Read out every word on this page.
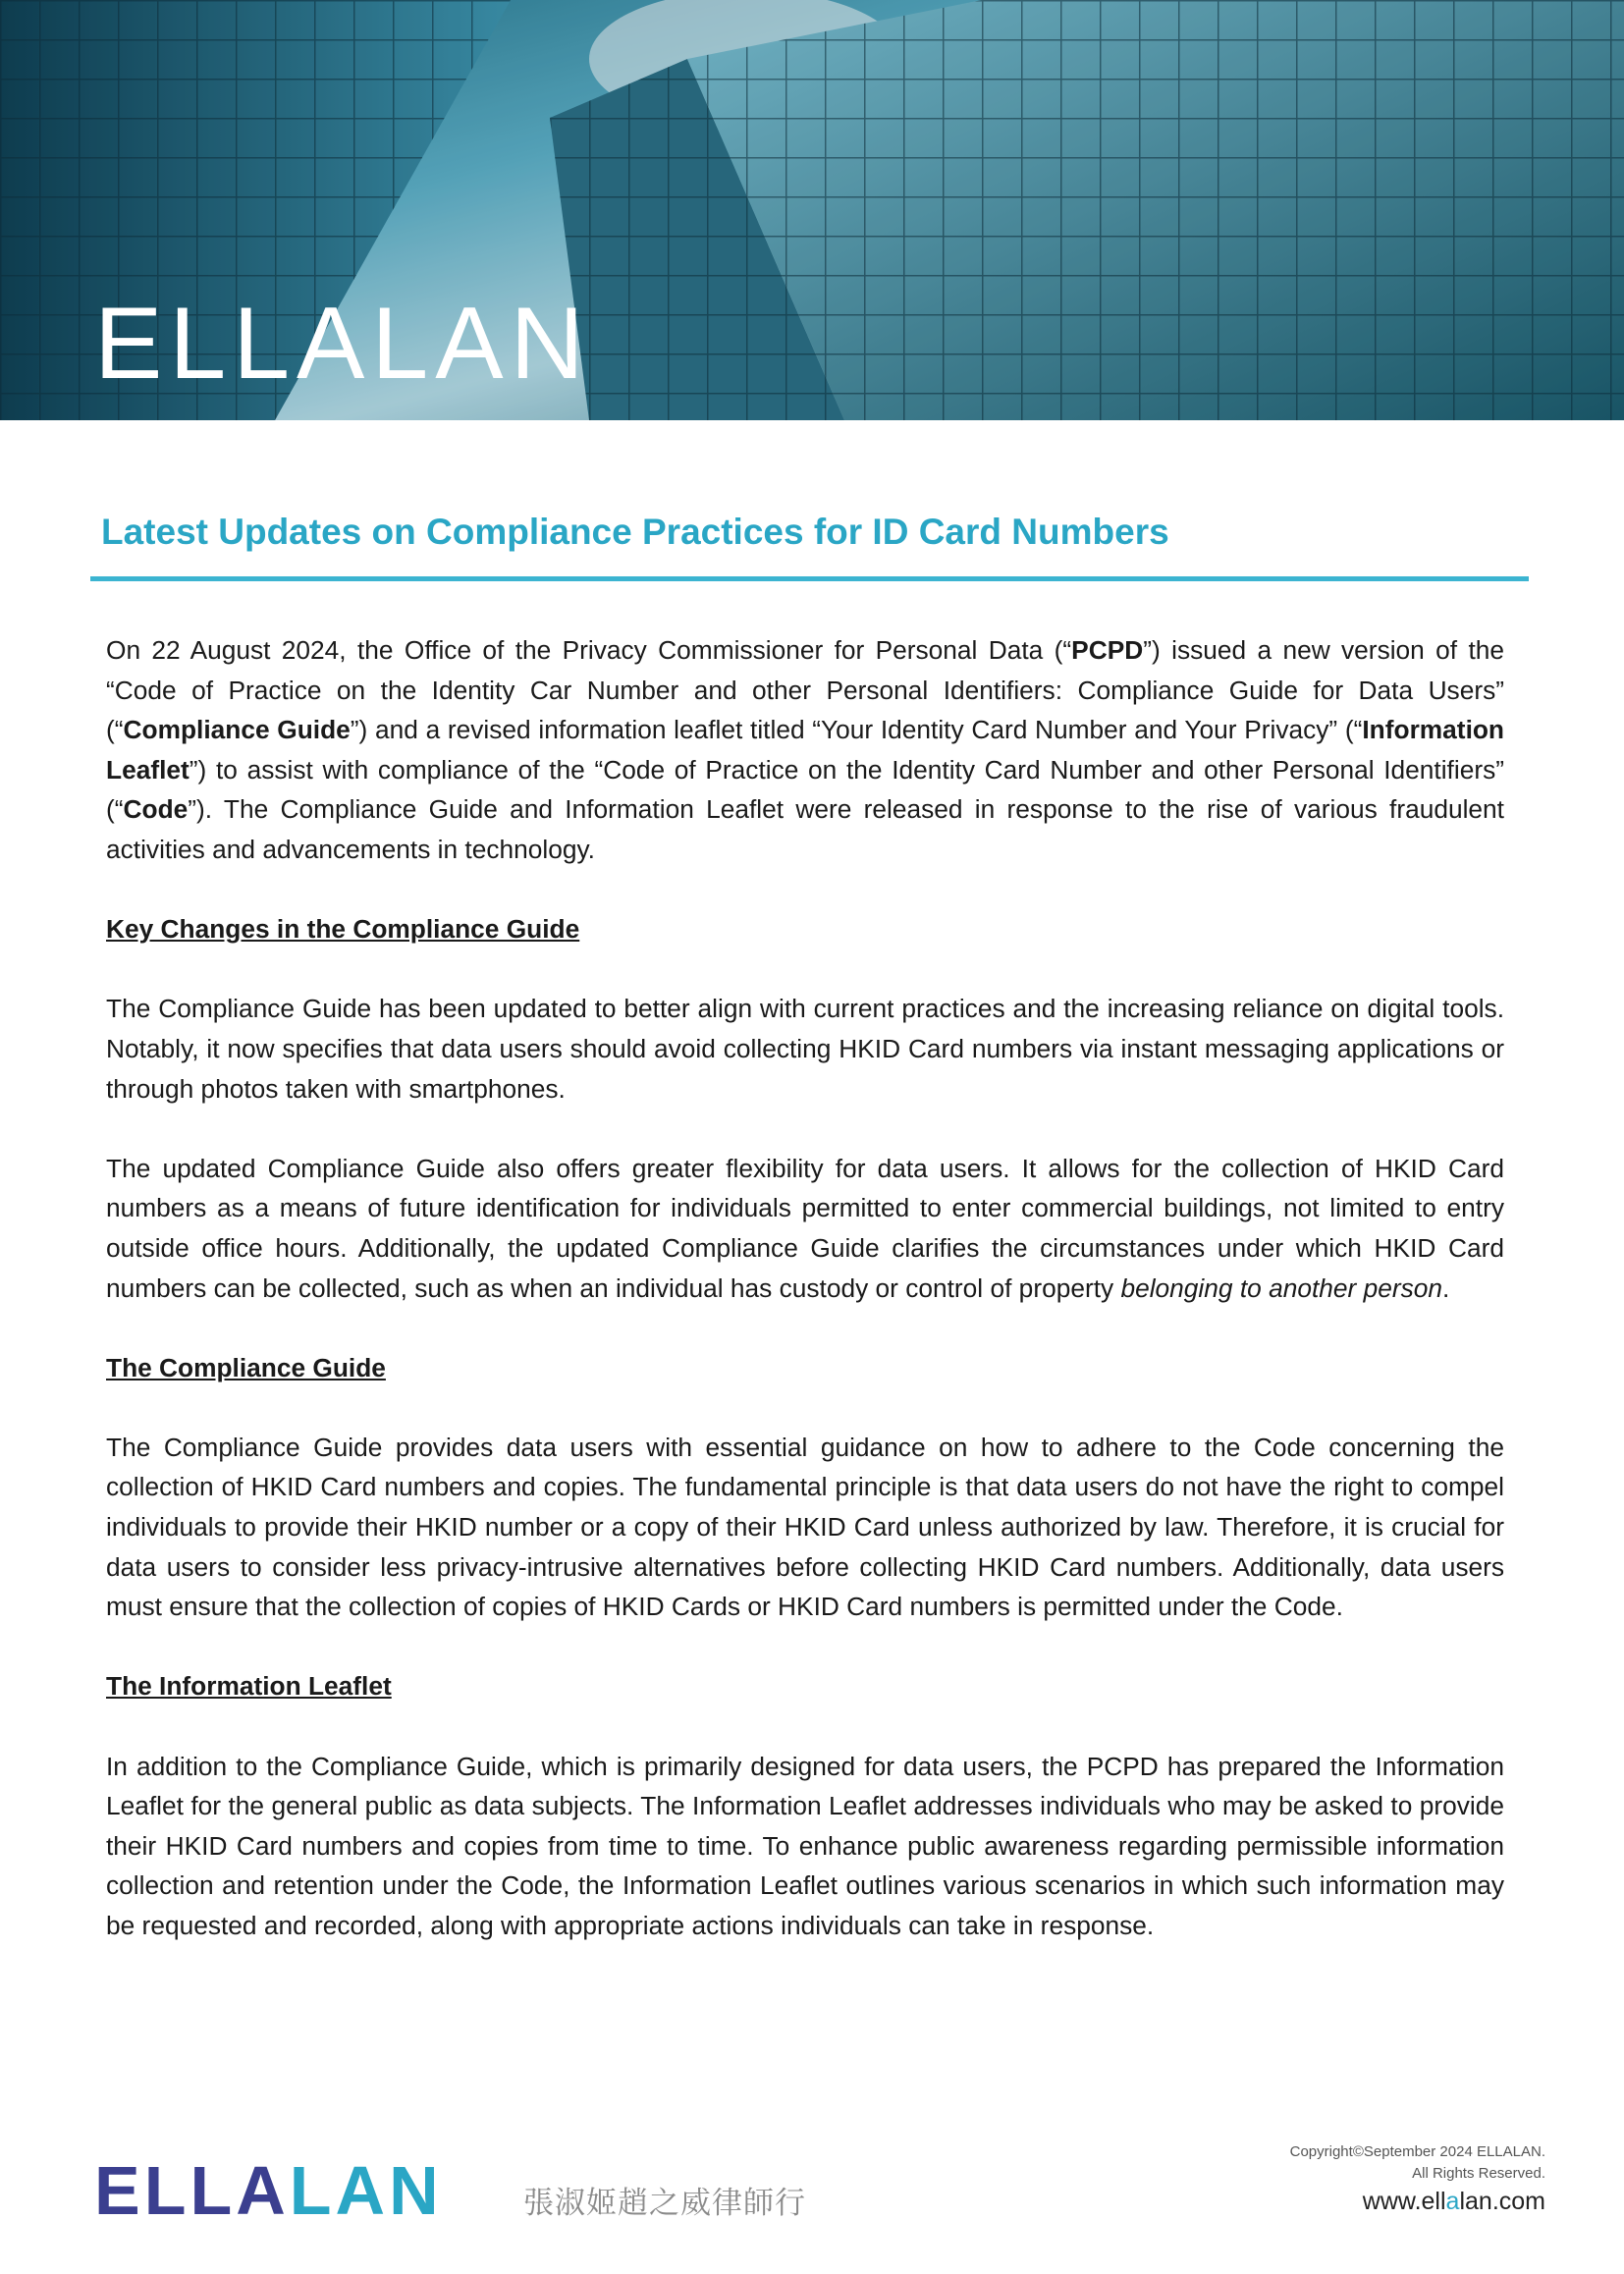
ELLALAN
Latest Updates on Compliance Practices for ID Card Numbers

On 22 August 2024, the Office of the Privacy Commissioner for Personal Data (“PCPD”) issued a new version of the “Code of Practice on the Identity Car Number and other Personal Identifiers: Compliance Guide for Data Users” (“Compliance Guide”) and a revised information leaflet titled “Your Identity Card Number and Your Privacy” (“Information Leaflet”) to assist with compliance of the “Code of Practice on the Identity Card Number and other Personal Identifiers” (“Code”). The Compliance Guide and Information Leaflet were released in response to the rise of various fraudulent activities and advancements in technology.

Key Changes in the Compliance Guide

The Compliance Guide has been updated to better align with current practices and the increasing reliance on digital tools. Notably, it now specifies that data users should avoid collecting HKID Card numbers via instant messaging applications or through photos taken with smartphones.

The updated Compliance Guide also offers greater flexibility for data users. It allows for the collection of HKID Card numbers as a means of future identification for individuals permitted to enter commercial buildings, not limited to entry outside office hours. Additionally, the updated Compliance Guide clarifies the circumstances under which HKID Card numbers can be collected, such as when an individual has custody or control of property belonging to another person.

The Compliance Guide

The Compliance Guide provides data users with essential guidance on how to adhere to the Code concerning the collection of HKID Card numbers and copies. The fundamental principle is that data users do not have the right to compel individuals to provide their HKID number or a copy of their HKID Card unless authorized by law. Therefore, it is crucial for data users to consider less privacy-intrusive alternatives before collecting HKID Card numbers. Additionally, data users must ensure that the collection of copies of HKID Cards or HKID Card numbers is permitted under the Code.

The Information Leaflet

In addition to the Compliance Guide, which is primarily designed for data users, the PCPD has prepared the Information Leaflet for the general public as data subjects. The Information Leaflet addresses individuals who may be asked to provide their HKID Card numbers and copies from time to time. To enhance public awareness regarding permissible information collection and retention under the Code, the Information Leaflet outlines various scenarios in which such information may be requested and recorded, along with appropriate actions individuals can take in response.

ELLALAN	張淑姬趙之威律師行
Copyright©September 2024 ELLALAN.
All Rights Reserved.
www.ellalan.com
